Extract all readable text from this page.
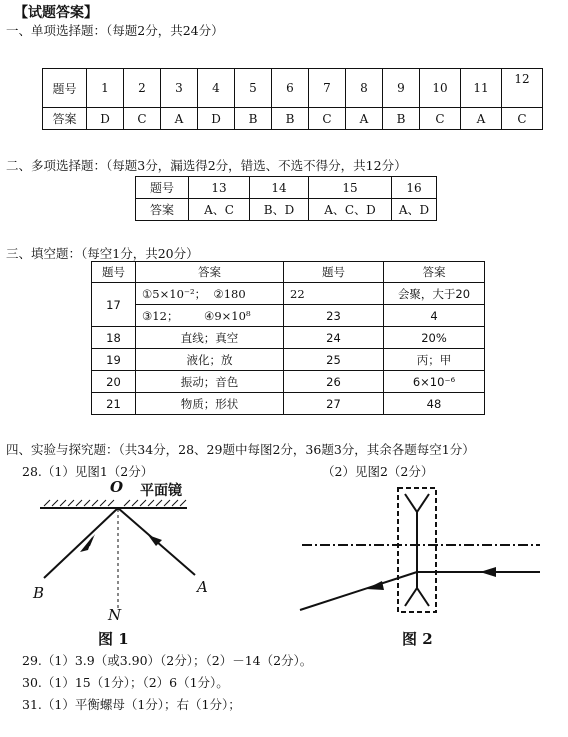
【试题答案】
一、单项选择题：（每题2分，共24分）
题号	1	2	3	4	5	6	7	8	9	10	11	12
答案	D	C	A	D	B	B	C	A	B	C	A	C
二、多项选择题：（每题3分，漏选得2分，错选、不选不得分，共12分）
题号	13	14	15	16
答案	A、C	B、D	A、C、D	A、D
三、填空题：（每空1分，共20分）
题号	答案	题号	答案
17	①5×10⁻²； ②180	22	会聚，大于20
	③12； ④9×10⁸	23	4
18	直线；真空	24	20%
19	液化；放	25	丙；甲
20	振动；音色	26	6×10⁻⁶
21	物质；形状	27	48
四、实验与探究题：（共34分，28、29题中每图2分，36题3分，其余各题每空1分）
28.（1）见图1（2分）	（2）见图2（2分）
O 平面镜
B	A
N
图 1	图 2
29.（1）3.9（或3.90）（2分）；（2）－14（2分）。
30.（1）15（1分）；（2）6（1分）。
31.（1）平衡螺母（1分）；右（1分）；
